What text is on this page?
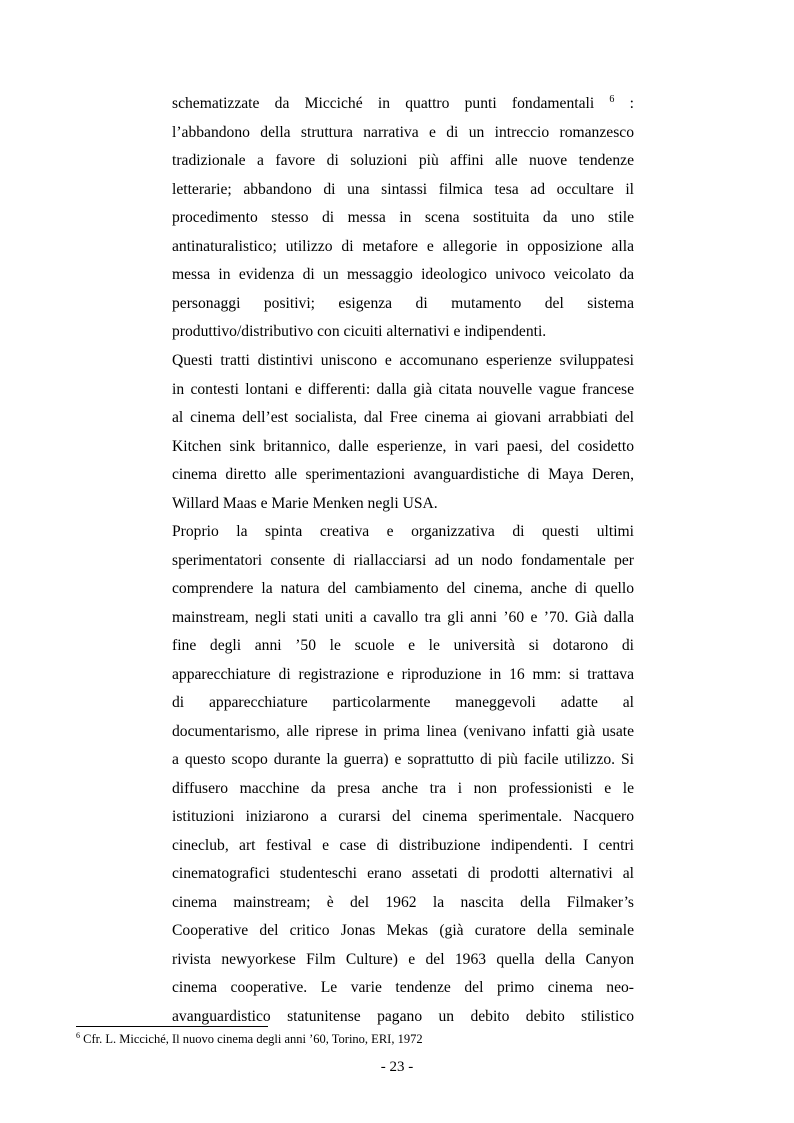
schematizzate da Micciché in quattro punti fondamentali $^6$ :
l’abbandono della struttura narrativa e di un intreccio romanzesco
tradizionale a favore di soluzioni più affini alle nuove tendenze
letterarie; abbandono di una sintassi filmica tesa ad occultare il
procedimento stesso di messa in scena sostituita da uno stile
antinaturalistico; utilizzo di metafore e allegorie in opposizione alla
messa in evidenza di un messaggio ideologico univoco veicolato da
personaggi positivi; esigenza di mutamento del sistema
produttivo/distributivo con cicuiti alternativi e indipendenti.
Questi tratti distintivi uniscono e accomunano esperienze sviluppatesi
in contesti lontani e differenti: dalla già citata nouvelle vague francese
al cinema dell’est socialista, dal Free cinema ai giovani arrabbiati del
Kitchen sink britannico, dalle esperienze, in vari paesi, del cosidetto
cinema diretto alle sperimentazioni avanguardistiche di Maya Deren,
Willard Maas e Marie Menken negli USA.
Proprio la spinta creativa e organizzativa di questi ultimi
sperimentatori consente di riallacciarsi ad un nodo fondamentale per
comprendere la natura del cambiamento del cinema, anche di quello
mainstream, negli stati uniti a cavallo tra gli anni ’60 e ’70. Già dalla
fine degli anni ’50 le scuole e le università si dotarono di
apparecchiature di registrazione e riproduzione in 16 mm: si trattava
di apparecchiature particolarmente maneggevoli adatte al
documentarismo, alle riprese in prima linea (venivano infatti già usate
a questo scopo durante la guerra) e soprattutto di più facile utilizzo. Si
diffusero macchine da presa anche tra i non professionisti e le
istituzioni iniziarono a curarsi del cinema sperimentale. Nacquero
cineclub, art festival e case di distribuzione indipendenti. I centri
cinematografici studenteschi erano assetati di prodotti alternativi al
cinema mainstream; è del 1962 la nascita della Filmaker’s
Cooperative del critico Jonas Mekas (già curatore della seminale
rivista newyorkese Film Culture) e del 1963 quella della Canyon
cinema cooperative. Le varie tendenze del primo cinema neo-
avanguardistico statunitense pagano un debito debito stilistico
$^6$ Cfr. L. Micciché, Il nuovo cinema degli anni ’60, Torino, ERI, 1972
- 23 -
